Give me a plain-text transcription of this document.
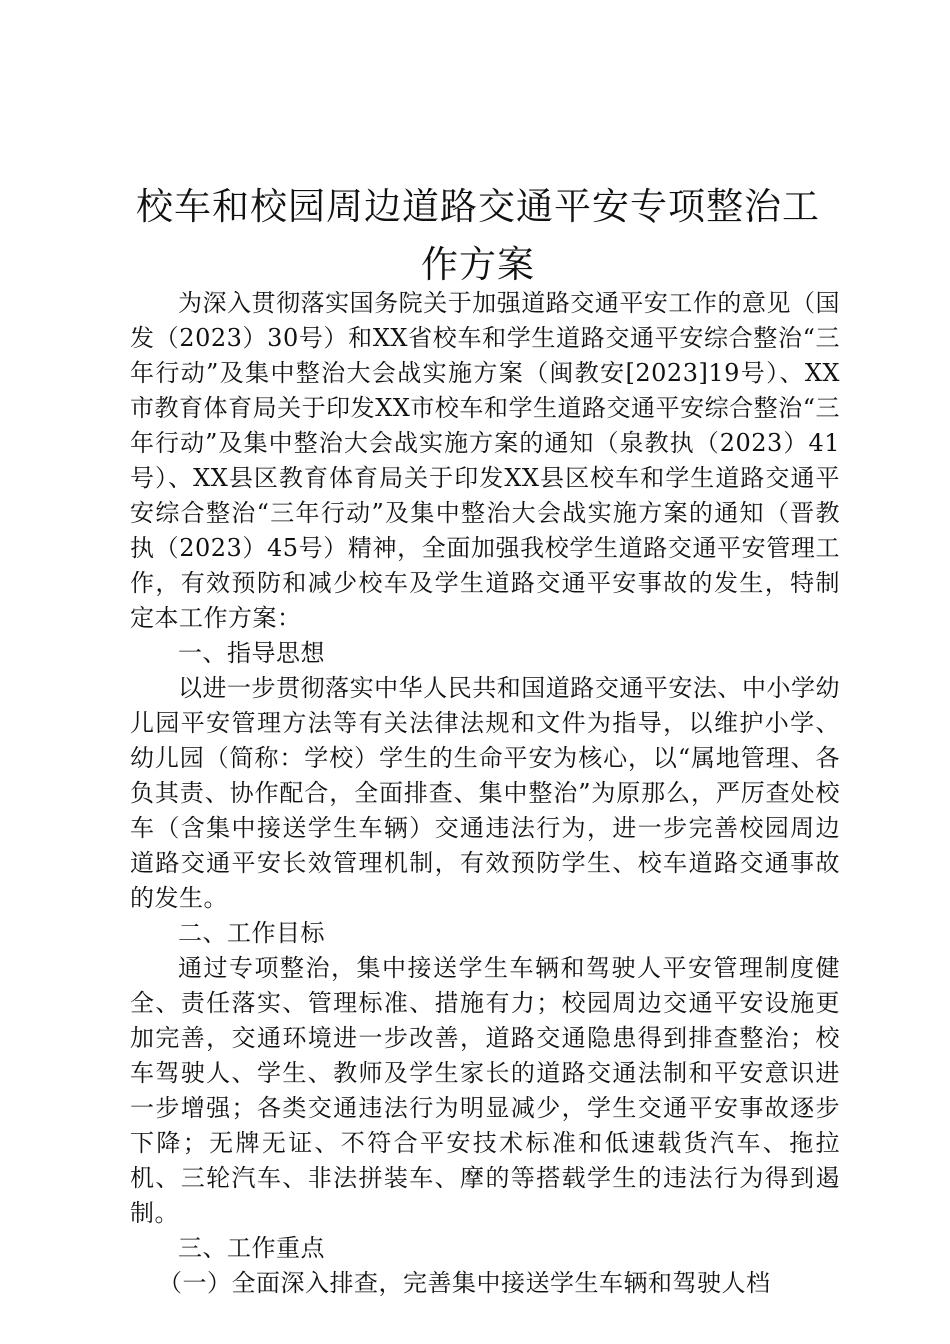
校车和校园周边道路交通平安专项整治工作方案

为深入贯彻落实国务院关于加强道路交通平安工作的意见（国发（2023）30号）和XX省校车和学生道路交通平安综合整治“三年行动”及集中整治大会战实施方案（闽教安[2023]19号）、XX市教育体育局关于印发XX市校车和学生道路交通平安综合整治“三年行动”及集中整治大会战实施方案的通知（泉教执（2023）41号）、XX县区教育体育局关于印发XX县区校车和学生道路交通平安综合整治“三年行动”及集中整治大会战实施方案的通知（晋教执（2023）45号）精神，全面加强我校学生道路交通平安管理工作，有效预防和减少校车及学生道路交通平安事故的发生，特制定本工作方案：

一、指导思想

以进一步贯彻落实中华人民共和国道路交通平安法、中小学幼儿园平安管理方法等有关法律法规和文件为指导，以维护小学、幼儿园（简称：学校）学生的生命平安为核心，以“属地管理、各负其责、协作配合，全面排查、集中整治”为原那么，严厉查处校车（含集中接送学生车辆）交通违法行为，进一步完善校园周边道路交通平安长效管理机制，有效预防学生、校车道路交通事故的发生。

二、工作目标

通过专项整治，集中接送学生车辆和驾驶人平安管理制度健全、责任落实、管理标准、措施有力；校园周边交通平安设施更加完善，交通环境进一步改善，道路交通隐患得到排查整治；校车驾驶人、学生、教师及学生家长的道路交通法制和平安意识进一步增强；各类交通违法行为明显减少，学生交通平安事故逐步下降；无牌无证、不符合平安技术标准和低速载货汽车、拖拉机、三轮汽车、非法拼装车、摩的等搭载学生的违法行为得到遏制。

三、工作重点

（一）全面深入排查，完善集中接送学生车辆和驾驶人档
